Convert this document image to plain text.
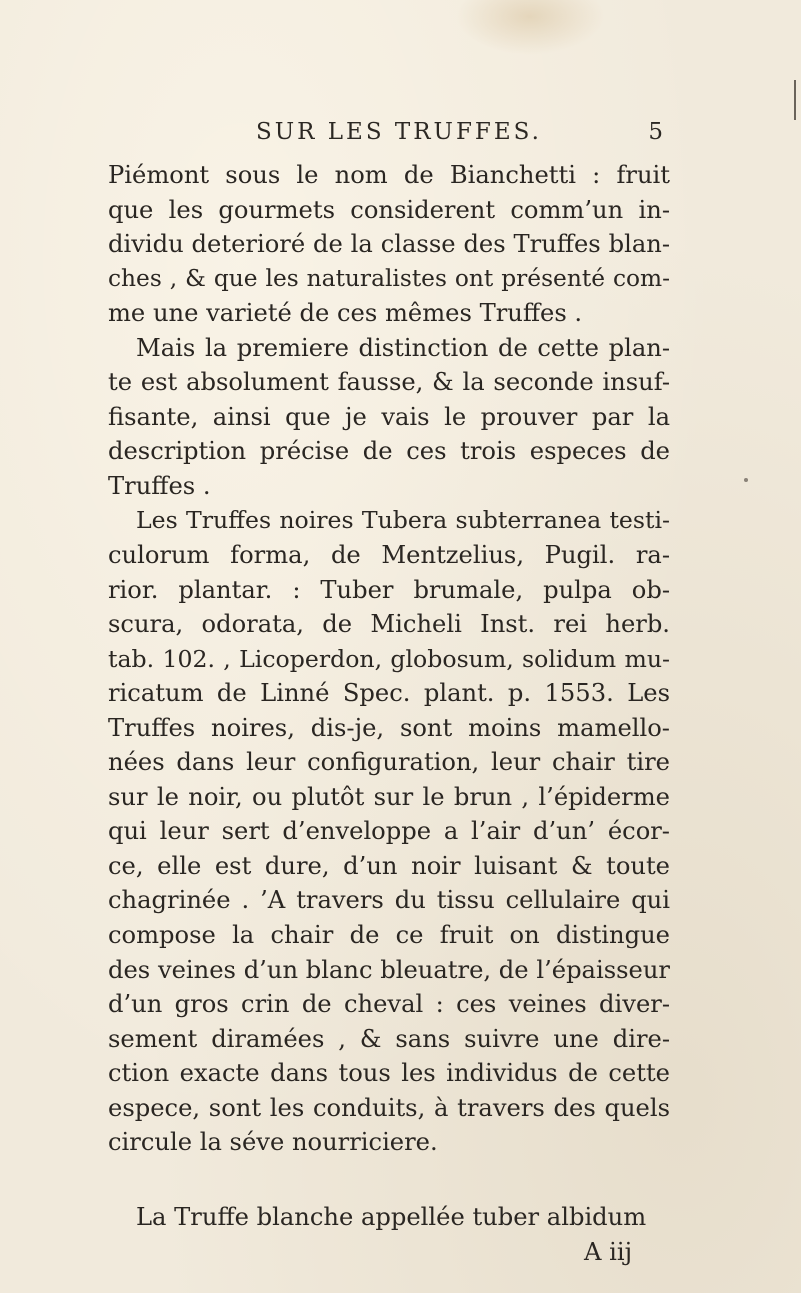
SUR LES TRUFFES.	5
Piémont sous le nom de Bianchetti : fruit
que les gourmets considerent comm’un in-
dividu deterioré de la classe des Truffes blan-
ches , & que les naturalistes ont présenté com-
me une varieté de ces mêmes Truffes .
Mais la premiere distinction de cette plan-
te est absolument fausse, & la seconde insuf-
fisante, ainsi que je vais le prouver par la
description précise de ces trois especes de
Truffes .
Les Truffes noires Tubera subterranea testi-
culorum forma, de Mentzelius, Pugil. ra-
rior. plantar. : Tuber brumale, pulpa ob-
scura, odorata, de Micheli Inst. rei herb.
tab. 102. , Licoperdon, globosum, solidum mu-
ricatum de Linné Spec. plant. p. 1553. Les
Truffes noires, dis-je, sont moins mamello-
nées dans leur configuration, leur chair tire
sur le noir, ou plutôt sur le brun , l’épiderme
qui leur sert d’enveloppe a l’air d’un’ écor-
ce, elle est dure, d’un noir luisant & toute
chagrinée . ’A travers du tissu cellulaire qui
compose la chair de ce fruit on distingue
des veines d’un blanc bleuatre, de l’épaisseur
d’un gros crin de cheval : ces veines diver-
sement diramées , & sans suivre une dire-
ction exacte dans tous les individus de cette
espece, sont les conduits, à travers des quels
circule la séve nourriciere.
La Truffe blanche appellée tuber albidum
A iij
